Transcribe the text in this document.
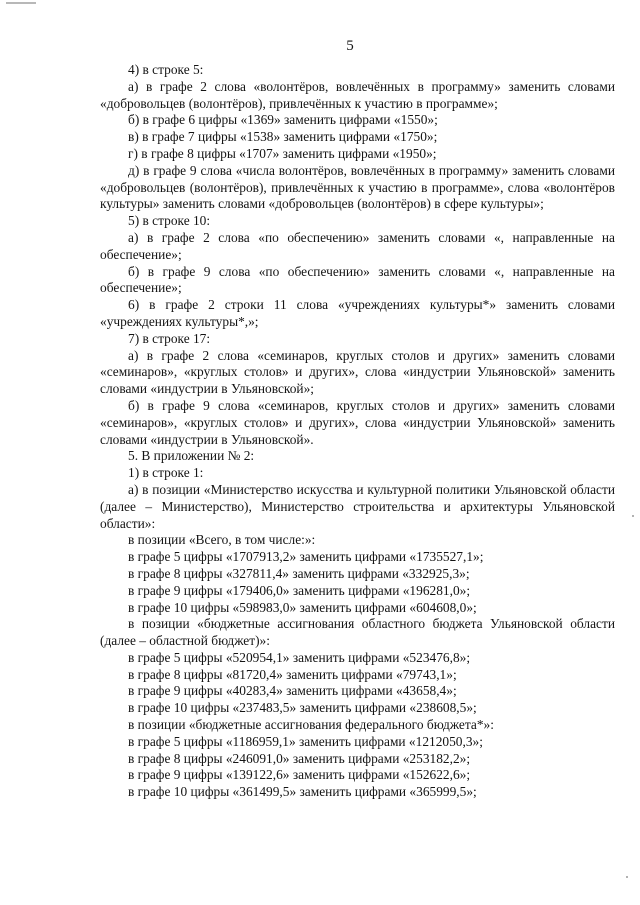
5

4) в строке 5:

а) в графе 2 слова «волонтёров, вовлечённых в программу» заменить словами «добровольцев (волонтёров), привлечённых к участию в программе»;

б) в графе 6 цифры «1369» заменить цифрами «1550»;

в) в графе 7 цифры «1538» заменить цифрами «1750»;

г) в графе 8 цифры «1707» заменить цифрами «1950»;

д) в графе 9 слова «числа волонтёров, вовлечённых в программу» заменить словами «добровольцев (волонтёров), привлечённых к участию в программе», слова «волонтёров культуры» заменить словами «добровольцев (волонтёров) в сфере культуры»;

5) в строке 10:

а) в графе 2 слова «по обеспечению» заменить словами «, направленные на обеспечение»;

б) в графе 9 слова «по обеспечению» заменить словами «, направленные на обеспечение»;

6) в графе 2 строки 11 слова «учреждениях культуры*» заменить словами «учреждениях культуры*,»;

7) в строке 17:

а) в графе 2 слова «семинаров, круглых столов и других» заменить словами «семинаров», «круглых столов» и других», слова «индустрии Ульяновской» заменить словами «индустрии в Ульяновской»;

б) в графе 9 слова «семинаров, круглых столов и других» заменить словами «семинаров», «круглых столов» и других», слова «индустрии Ульяновской» заменить словами «индустрии в Ульяновской».

5. В приложении № 2:

1) в строке 1:

а) в позиции «Министерство искусства и культурной политики Ульяновской области (далее – Министерство), Министерство строительства и архитектуры Ульяновской области»:

в позиции «Всего, в том числе:»:

в графе 5 цифры «1707913,2» заменить цифрами «1735527,1»;

в графе 8 цифры «327811,4» заменить цифрами «332925,3»;

в графе 9 цифры «179406,0» заменить цифрами «196281,0»;

в графе 10 цифры «598983,0» заменить цифрами «604608,0»;

в позиции «бюджетные ассигнования областного бюджета Ульяновской области (далее – областной бюджет)»:

в графе 5 цифры «520954,1» заменить цифрами «523476,8»;

в графе 8 цифры «81720,4» заменить цифрами «79743,1»;

в графе 9 цифры «40283,4» заменить цифрами «43658,4»;

в графе 10 цифры «237483,5» заменить цифрами «238608,5»;

в позиции «бюджетные ассигнования федерального бюджета*»:

в графе 5 цифры «1186959,1» заменить цифрами «1212050,3»;

в графе 8 цифры «246091,0» заменить цифрами «253182,2»;

в графе 9 цифры «139122,6» заменить цифрами «152622,6»;

в графе 10 цифры «361499,5» заменить цифрами «365999,5»;
